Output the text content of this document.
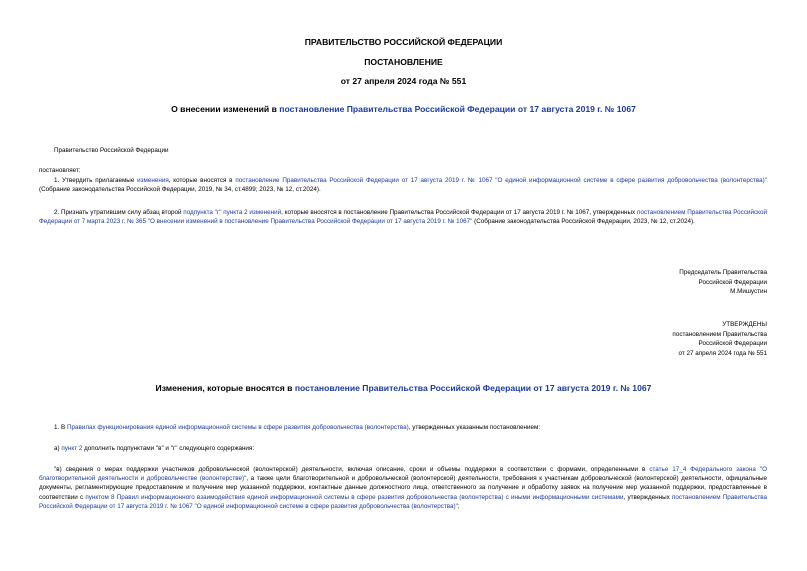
ПРАВИТЕЛЬСТВО РОССИЙСКОЙ ФЕДЕРАЦИИ
ПОСТАНОВЛЕНИЕ
от 27 апреля 2024 года № 551
О внесении изменений в постановление Правительства Российской Федерации от 17 августа 2019 г. № 1067
Правительство Российской Федерации
постановляет:
1. Утвердить прилагаемые изменения, которые вносятся в постановление Правительства Российской Федерации от 17 августа 2019 г. № 1067 "О единой информационной системе в сфере развития добровольчества (волонтерства)" (Собрание законодательства Российской Федерации, 2019, № 34, ст.4899; 2023, № 12, ст.2024).
2. Признать утратившим силу абзац второй подпункта "г" пункта 2 изменений, которые вносятся в постановление Правительства Российской Федерации от 17 августа 2019 г. № 1067, утвержденных постановлением Правительства Российской Федерации от 7 марта 2023 г. № 365 "О внесении изменений в постановление Правительства Российской Федерации от 17 августа 2019 г. № 1067" (Собрание законодательства Российской Федерации, 2023, № 12, ст.2024).
Председатель Правительства
Российской Федерации
М.Мишустин
УТВЕРЖДЕНЫ
постановлением Правительства
Российской Федерации
от 27 апреля 2024 года № 551
Изменения, которые вносятся в постановление Правительства Российской Федерации от 17 августа 2019 г. № 1067
1. В Правилах функционирования единой информационной системы в сфере развития добровольчества (волонтерства), утвержденных указанным постановлением:
а) пункт 2 дополнить подпунктами "в" и "г" следующего содержания:
"в) сведения о мерах поддержки участников добровольческой (волонтерской) деятельности, включая описание, сроки и объемы поддержки в соответствии с формами, определенными в статье 17_4 Федерального закона "О благотворительной деятельности и добровольчестве (волонтерстве)", а также цели благотворительной и добровольческой (волонтерской) деятельности, требования к участникам добровольческой (волонтерской) деятельности, официальные документы, регламентирующие предоставление и получение мер указанной поддержки, контактные данные должностного лица, ответственного за получение и обработку заявок на получение мер указанной поддержки, предоставленные в соответствии с пунктом 8 Правил информационного взаимодействия единой информационной системы в сфере развития добровольчества (волонтерства) с иными информационными системами, утвержденных постановлением Правительства Российской Федерации от 17 августа 2019 г. № 1067 "О единой информационной системе в сфере развития добровольчества (волонтерства)";
